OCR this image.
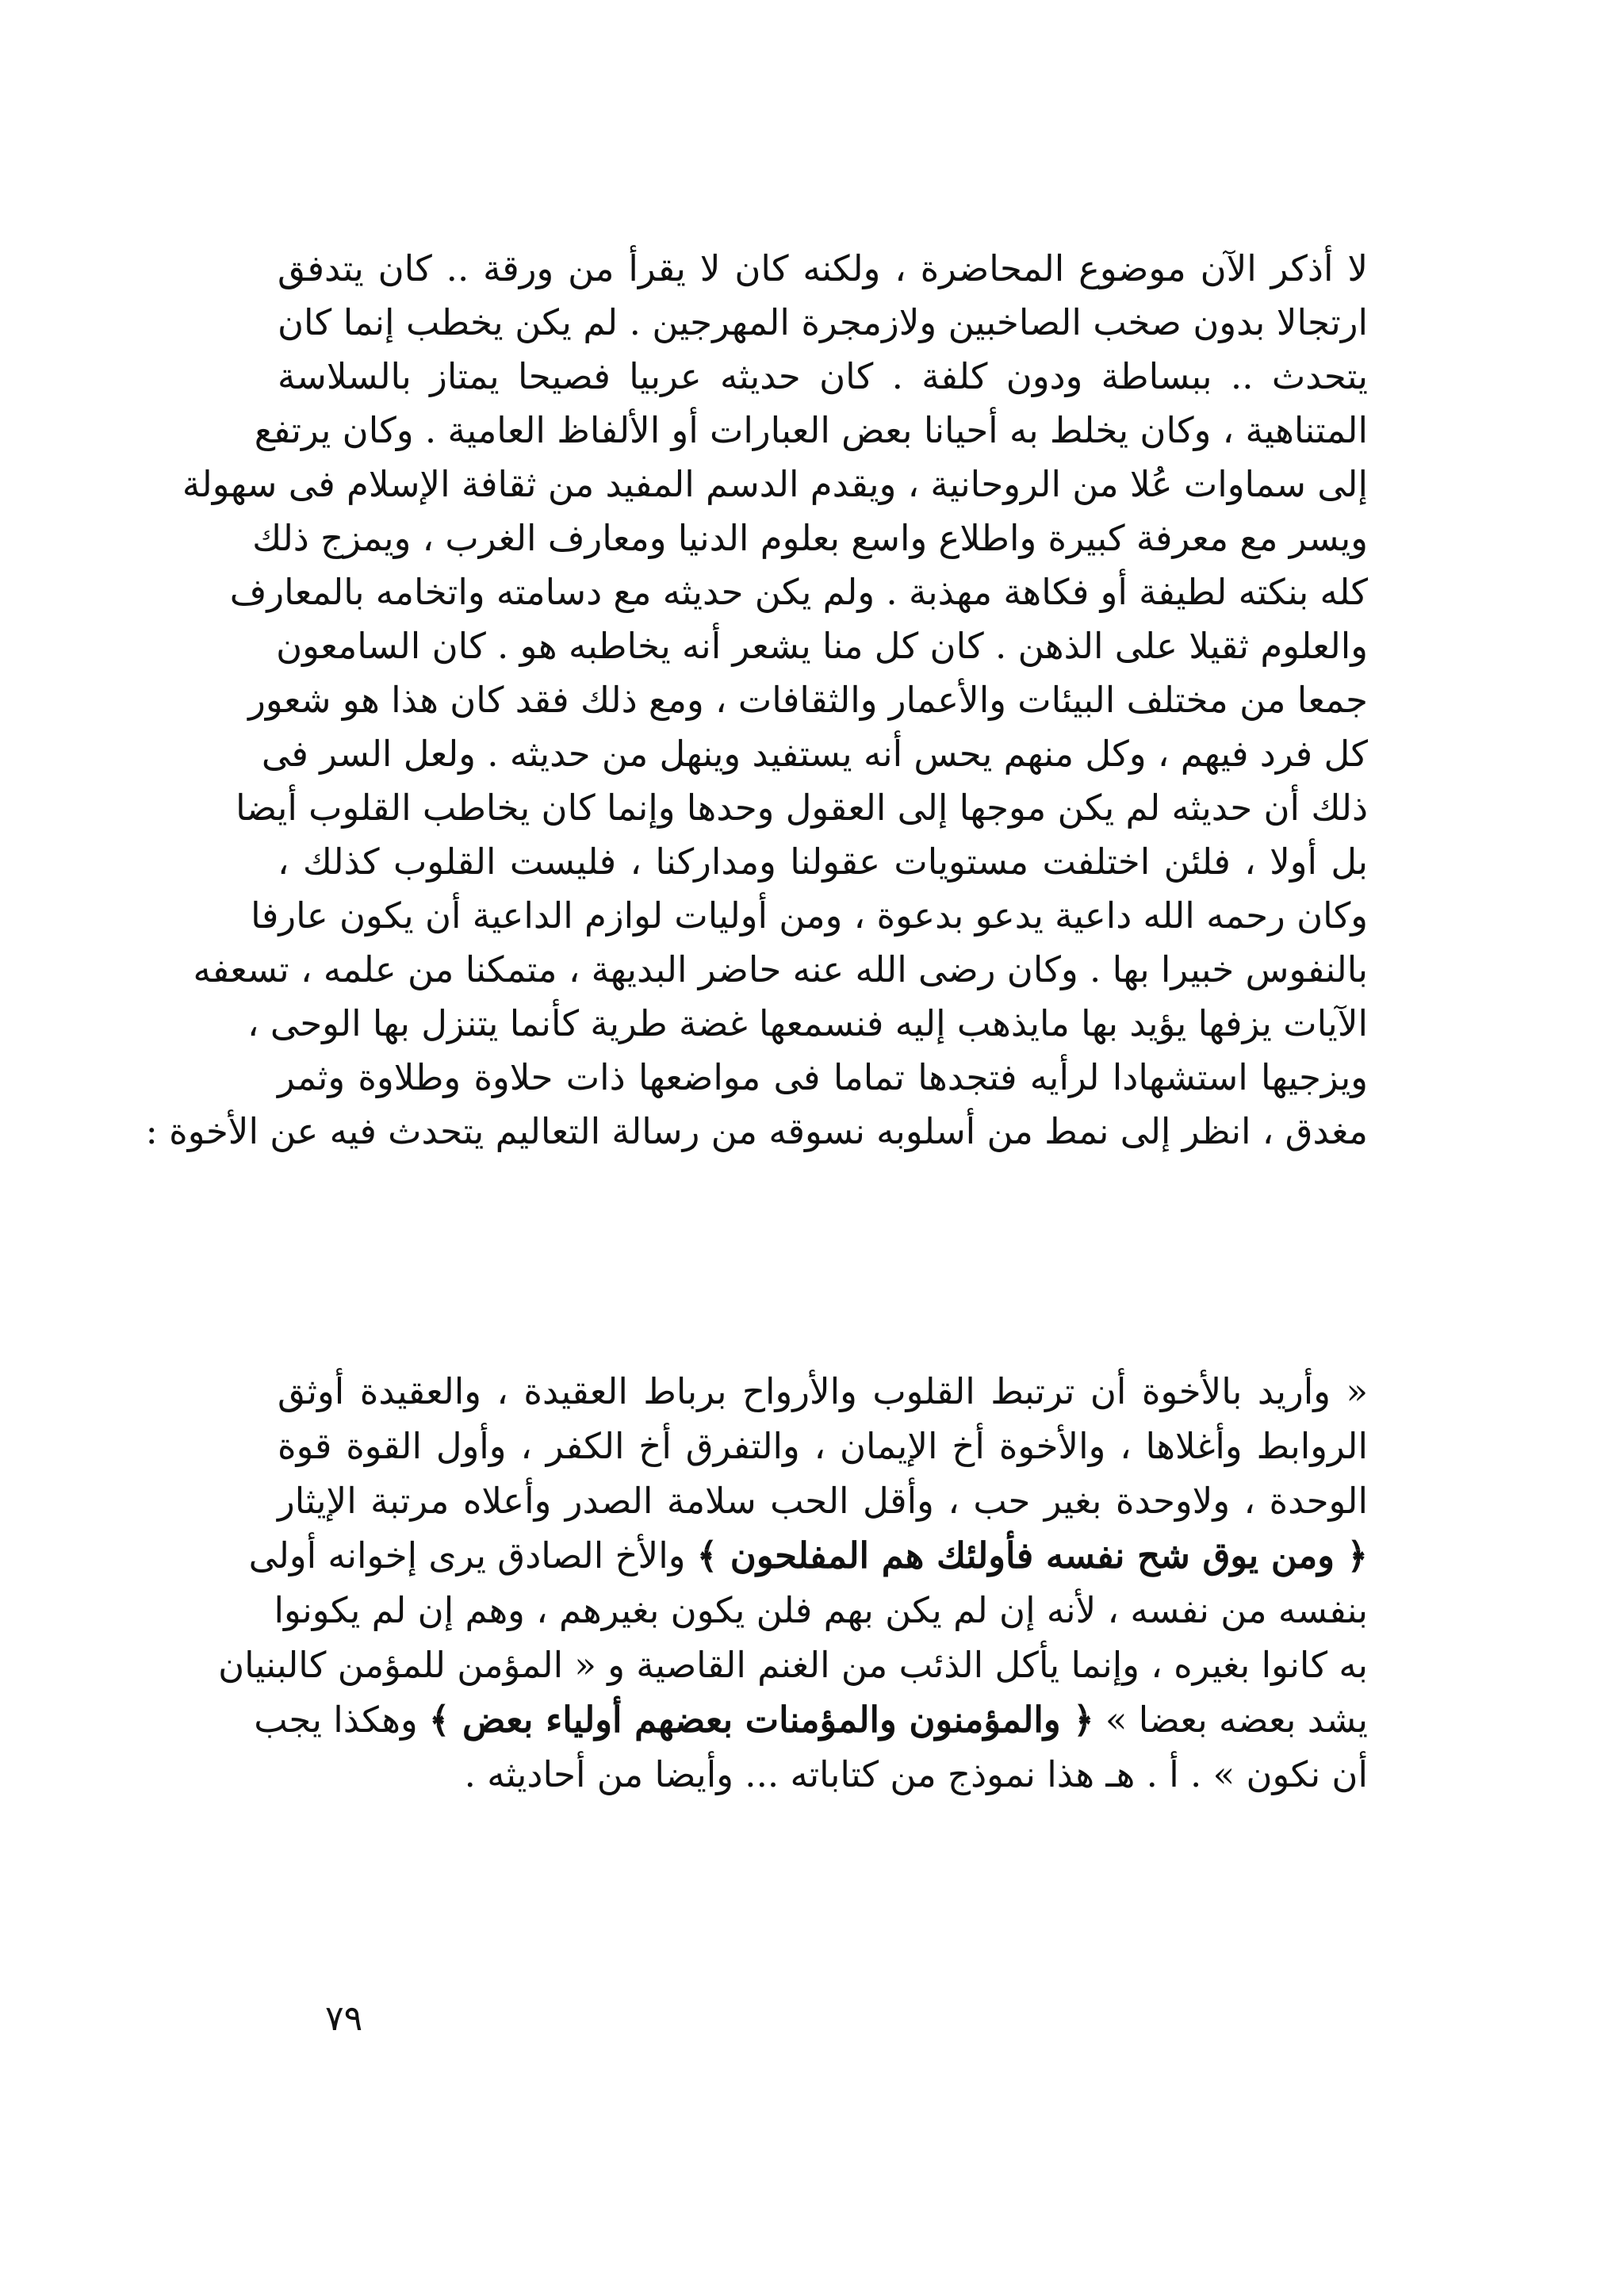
لا أذكر الآن موضوع المحاضرة ، ولكنه كان لا يقرأ من ورقة .. كان يتدفق
ارتجالا بدون صخب الصاخبين ولازمجرة المهرجين . لم يكن يخطب إنما كان
يتحدث .. ببساطة ودون كلفة . كان حديثه عربيا فصيحا يمتاز بالسلاسة
المتناهية ، وكان يخلط به أحيانا بعض العبارات أو الألفاظ العامية . وكان يرتفع
إلى سماوات عُلا من الروحانية ، ويقدم الدسم المفيد من ثقافة الإسلام فى سهولة
ويسر مع معرفة كبيرة واطلاع واسع بعلوم الدنيا ومعارف الغرب ، ويمزج ذلك
كله بنكته لطيفة أو فكاهة مهذبة . ولم يكن حديثه مع دسامته واتخامه بالمعارف
والعلوم ثقيلا على الذهن . كان كل منا يشعر أنه يخاطبه هو . كان السامعون
جمعا من مختلف البيئات والأعمار والثقافات ، ومع ذلك فقد كان هذا هو شعور
كل فرد فيهم ، وكل منهم يحس أنه يستفيد وينهل من حديثه . ولعل السر فى
ذلك أن حديثه لم يكن موجها إلى العقول وحدها وإنما كان يخاطب القلوب أيضا
بل أولا ، فلئن اختلفت مستويات عقولنا ومداركنا ، فليست القلوب كذلك ،
وكان رحمه الله داعية يدعو بدعوة ، ومن أوليات لوازم الداعية أن يكون عارفا
بالنفوس خبيرا بها . وكان رضى الله عنه حاضر البديهة ، متمكنا من علمه ، تسعفه
الآيات يزفها يؤيد بها مايذهب إليه فنسمعها غضة طرية كأنما يتنزل بها الوحى ،
ويزجيها استشهادا لرأيه فتجدها تماما فى مواضعها ذات حلاوة وطلاوة وثمر
مغدق ، انظر إلى نمط من أسلوبه نسوقه من رسالة التعاليم يتحدث فيه عن الأخوة :
« وأريد بالأخوة أن ترتبط القلوب والأرواح برباط العقيدة ، والعقيدة أوثق
الروابط وأغلاها ، والأخوة أخ الإيمان ، والتفرق أخ الكفر ، وأول القوة قوة
الوحدة ، ولاوحدة بغير حب ، وأقل الحب سلامة الصدر وأعلاه مرتبة الإيثار
﴿ ومن يوق شح نفسه فأولئك هم المفلحون ﴾ والأخ الصادق يرى إخوانه أولى
بنفسه من نفسه ، لأنه إن لم يكن بهم فلن يكون بغيرهم ، وهم إن لم يكونوا
به كانوا بغيره ، وإنما يأكل الذئب من الغنم القاصية و « المؤمن للمؤمن كالبنيان
يشد بعضه بعضا » ﴿ والمؤمنون والمؤمنات بعضهم أولياء بعض ﴾ وهكذا يجب
أن نكون » . أ . هـ هذا نموذج من كتاباته ... وأيضا من أحاديثه .
٧٩
